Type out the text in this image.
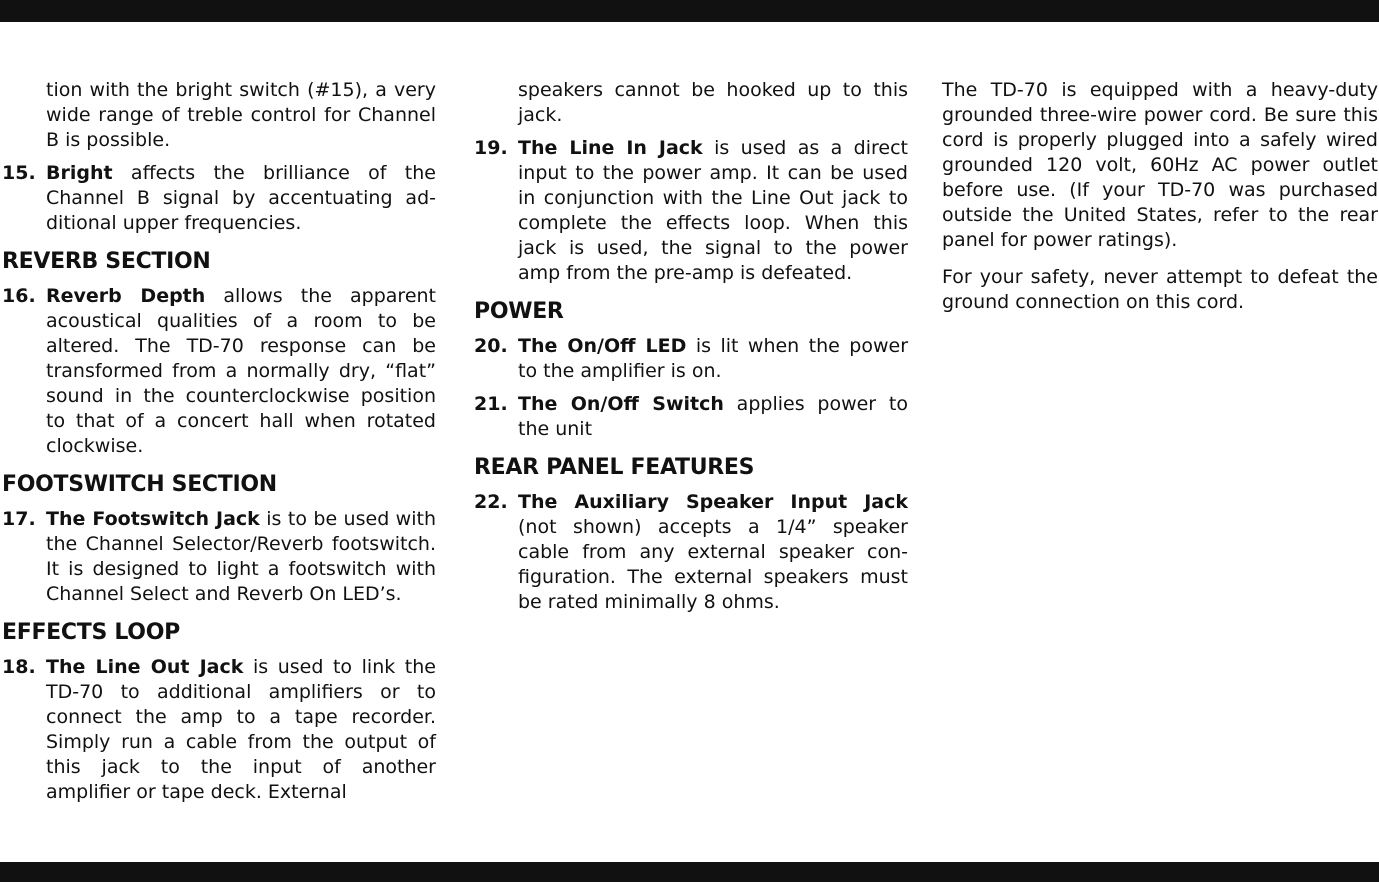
tion with the bright switch (#15), a very wide range of treble control for Channel B is possible.

15. Bright affects the brilliance of the Channel B signal by accentuating additional upper frequencies.
REVERB SECTION
16. Reverb Depth allows the apparent acoustical qualities of a room to be altered. The TD-70 response can be transformed from a normally dry, “flat” sound in the counterclockwise position to that of a concert hall when rotated clockwise.
FOOTSWITCH SECTION
17. The Footswitch Jack is to be used with the Channel Selector/Reverb footswitch. It is designed to light a footswitch with Channel Select and Reverb On LED’s.
EFFECTS LOOP
18. The Line Out Jack is used to link the TD-70 to additional amplifiers or to connect the amp to a tape recorder. Simply run a cable from the output of this jack to the input of another amplifier or tape deck. External

speakers cannot be hooked up to this jack.

19. The Line In Jack is used as a direct input to the power amp. It can be used in conjunction with the Line Out jack to complete the effects loop. When this jack is used, the signal to the power amp from the pre-amp is defeated.
POWER
20. The On/Off LED is lit when the power to the amplifier is on.
21. The On/Off Switch applies power to the unit
REAR PANEL FEATURES
22. The Auxiliary Speaker Input Jack (not shown) accepts a 1/4” speaker cable from any external speaker configuration. The external speakers must be rated minimally 8 ohms.

The TD-70 is equipped with a heavy-duty grounded three-wire power cord. Be sure this cord is properly plugged into a safely wired grounded 120 volt, 60Hz AC power outlet before use. (If your TD-70 was purchased outside the United States, refer to the rear panel for power ratings).

For your safety, never attempt to defeat the ground connection on this cord.
